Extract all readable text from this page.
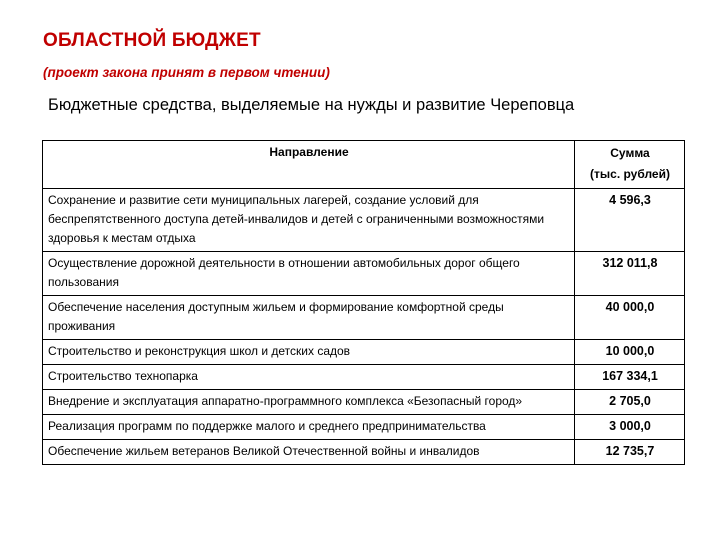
ОБЛАСТНОЙ БЮДЖЕТ
(проект закона принят в первом чтении)
Бюджетные средства, выделяемые на нужды и развитие Череповца
Направление	Сумма
(тыс. рублей)

Сохранение и развитие сети муниципальных лагерей, создание условий для беспрепятственного доступа детей-инвалидов и детей с ограниченными возможностями здоровья к местам отдыха	4 596,3
Осуществление дорожной деятельности в отношении автомобильных дорог общего пользования	312 011,8
Обеспечение населения доступным жильем и формирование комфортной среды проживания	40 000,0
Строительство и реконструкция школ и детских садов	10 000,0
Строительство технопарка	167 334,1
Внедрение и эксплуатация аппаратно-программного комплекса «Безопасный город»	2 705,0
Реализация программ по поддержке малого и среднего предпринимательства	3 000,0
Обеспечение жильем ветеранов Великой Отечественной войны и инвалидов	12 735,7
